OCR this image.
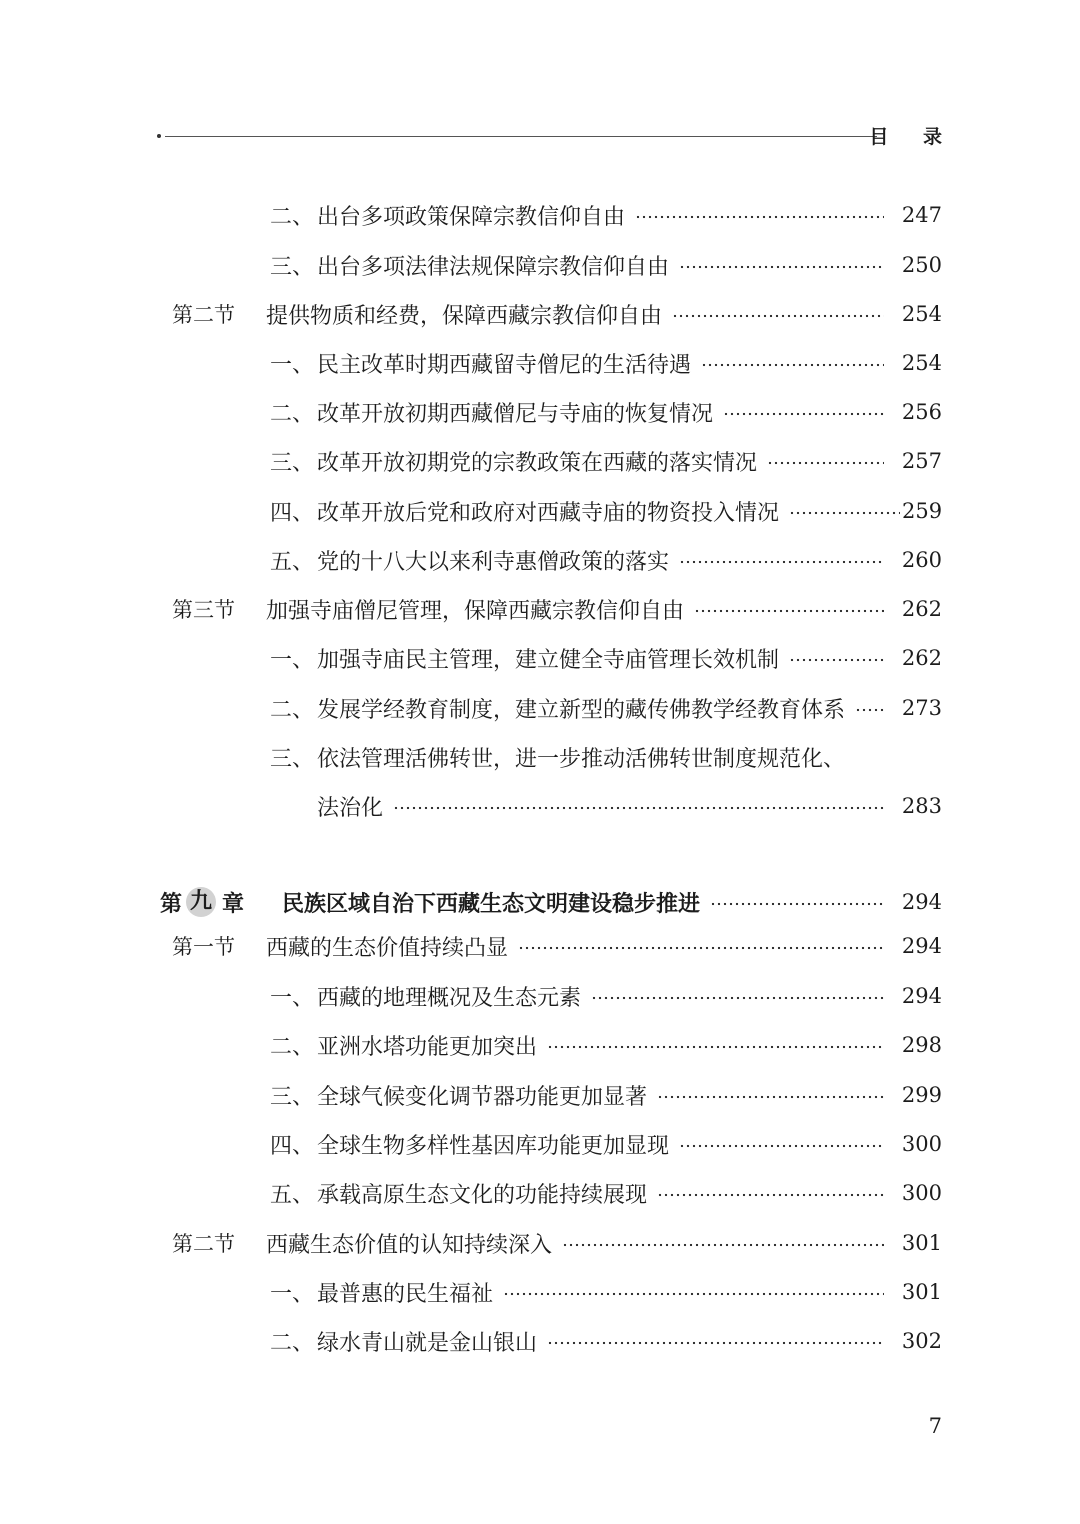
目 录
二、 出台多项政策保障宗教信仰自由	247
三、 出台多项法律法规保障宗教信仰自由	250
第二节	提供物质和经费，保障西藏宗教信仰自由	254
一、 民主改革时期西藏留寺僧尼的生活待遇	254
二、 改革开放初期西藏僧尼与寺庙的恢复情况	256
三、 改革开放初期党的宗教政策在西藏的落实情况	257
四、 改革开放后党和政府对西藏寺庙的物资投入情况	259
五、 党的十八大以来利寺惠僧政策的落实	260
第三节	加强寺庙僧尼管理，保障西藏宗教信仰自由	262
一、 加强寺庙民主管理，建立健全寺庙管理长效机制	262
二、 发展学经教育制度，建立新型的藏传佛教学经教育体系	273
三、 依法管理活佛转世，进一步推动活佛转世制度规范化、
法治化	283
第 九 章 民族区域自治下西藏生态文明建设稳步推进	294
第一节	西藏的生态价值持续凸显	294
一、 西藏的地理概况及生态元素	294
二、 亚洲水塔功能更加突出	298
三、 全球气候变化调节器功能更加显著	299
四、 全球生物多样性基因库功能更加显现	300
五、 承载高原生态文化的功能持续展现	300
第二节	西藏生态价值的认知持续深入	301
一、 最普惠的民生福祉	301
二、 绿水青山就是金山银山	302
7
